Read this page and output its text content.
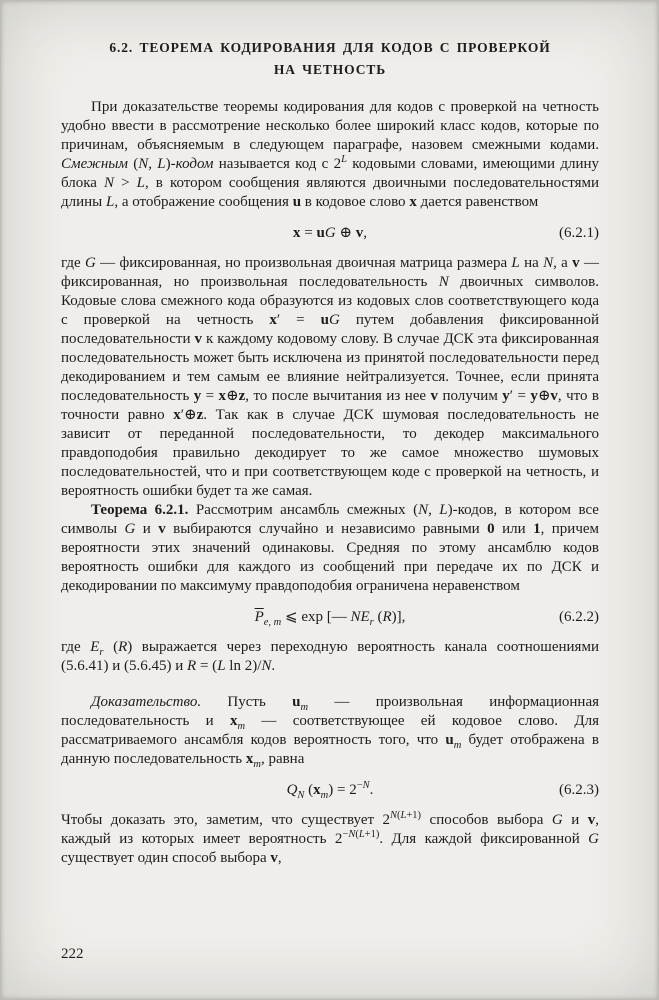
6.2. ТЕОРЕМА КОДИРОВАНИЯ ДЛЯ КОДОВ С ПРОВЕРКОЙ
НА ЧЕТНОСТЬ

При доказательстве теоремы кодирования для кодов с проверкой на четность удобно ввести в рассмотрение несколько более широкий класс кодов, которые по причинам, объясняемым в следующем параграфе, назовем смежными кодами. Смежным (N, L)-кодом называется код с $2^L$ кодовыми словами, имеющими длину блока N > L, в котором сообщения являются двоичными последовательностями длины L, а отображение сообщения u в кодовое слово x дается равенством

x = uG ⊕ v,	(6.2.1)

где G — фиксированная, но произвольная двоичная матрица размера L на N, а v — фиксированная, но произвольная последовательность N двоичных символов. Кодовые слова смежного кода образуются из кодовых слов соответствующего кода с проверкой на четность x′ = uG путем добавления фиксированной последовательности v к каждому кодовому слову. В случае ДСК эта фиксированная последовательность может быть исключена из принятой последовательности перед декодированием и тем самым ее влияние нейтрализуется. Точнее, если принята последовательность y = x⊕z, то после вычитания из нее v получим y′ = y⊕v, что в точности равно x′⊕z. Так как в случае ДСК шумовая последовательность не зависит от переданной последовательности, то декодер максимального правдоподобия правильно декодирует то же самое множество шумовых последовательностей, что и при соответствующем коде с проверкой на четность, и вероятность ошибки будет та же самая.

Теорема 6.2.1. Рассмотрим ансамбль смежных (N, L)-кодов, в котором все символы G и v выбираются случайно и независимо равными 0 или 1, причем вероятности этих значений одинаковы. Средняя по этому ансамблю кодов вероятность ошибки для каждого из сообщений при передаче их по ДСК и декодировании по максимуму правдоподобия ограничена неравенством

$\overline{P}_{e, m}$ ⩽ exp [— $NE_r$ (R)],	(6.2.2)

где $E_r$ (R) выражается через переходную вероятность канала соотношениями (5.6.41) и (5.6.45) и R = (L ln 2)/N.

Доказательство. Пусть $u_m$ — произвольная информационная последовательность и $x_m$ — соответствующее ей кодовое слово. Для рассматриваемого ансамбля кодов вероятность того, что $u_m$ будет отображена в данную последовательность $x_m$, равна

$Q_N$ $(x_m) = 2^{-N}$.	(6.2.3)

Чтобы доказать это, заметим, что существует $2^{N(L+1)}$ способов выбора G и v, каждый из которых имеет вероятность $2^{-N(L+1)}$. Для каждой фиксированной G существует один способ выбора v,

222
